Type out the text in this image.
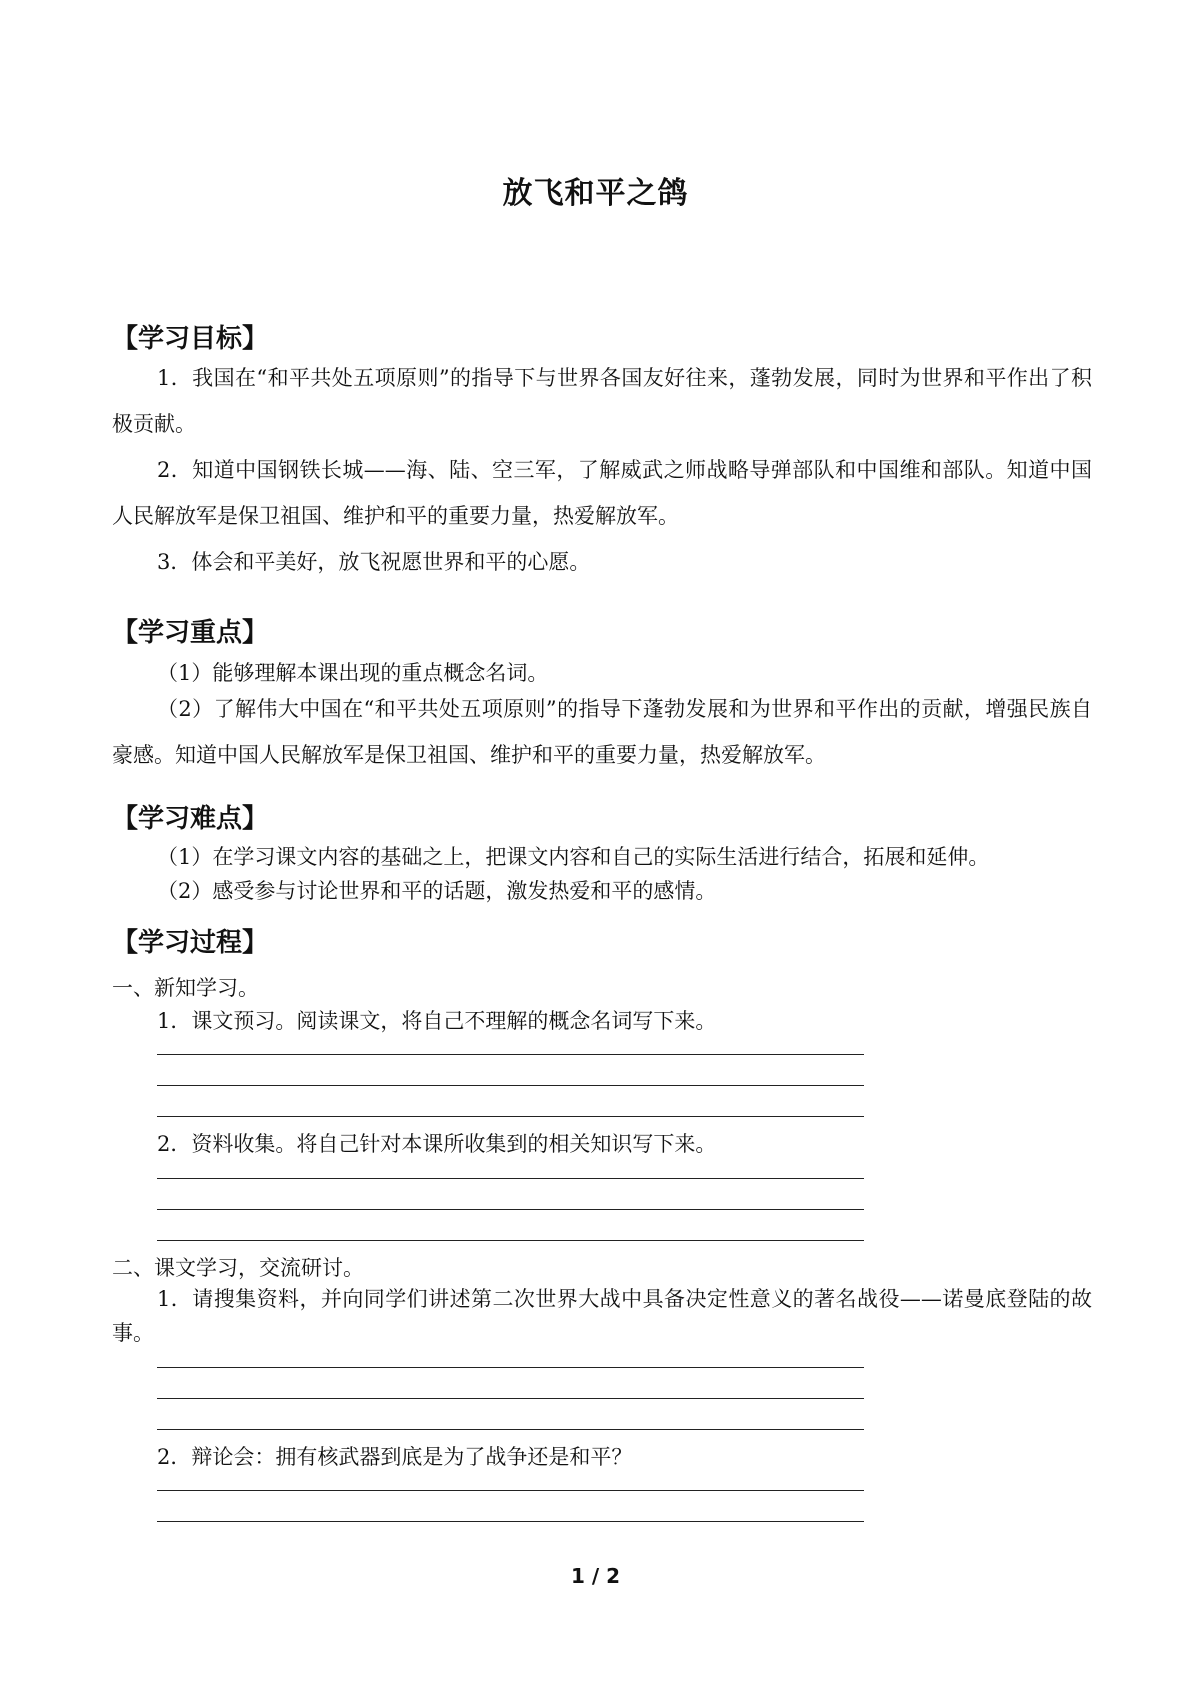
放飞和平之鸽
【学习目标】
1．我国在“和平共处五项原则”的指导下与世界各国友好往来，蓬勃发展，同时为世界和平作出了积极贡献。
2．知道中国钢铁长城——海、陆、空三军，了解威武之师战略导弹部队和中国维和部队。知道中国人民解放军是保卫祖国、维护和平的重要力量，热爱解放军。
3．体会和平美好，放飞祝愿世界和平的心愿。
【学习重点】
（1）能够理解本课出现的重点概念名词。
（2）了解伟大中国在“和平共处五项原则”的指导下蓬勃发展和为世界和平作出的贡献，增强民族自豪感。知道中国人民解放军是保卫祖国、维护和平的重要力量，热爱解放军。
【学习难点】
（1）在学习课文内容的基础之上，把课文内容和自己的实际生活进行结合，拓展和延伸。
（2）感受参与讨论世界和平的话题，激发热爱和平的感情。
【学习过程】
一、新知学习。
1．课文预习。阅读课文，将自己不理解的概念名词写下来。
2．资料收集。将自己针对本课所收集到的相关知识写下来。
二、课文学习，交流研讨。
1．请搜集资料，并向同学们讲述第二次世界大战中具备决定性意义的著名战役——诺曼底登陆的故事。
2．辩论会：拥有核武器到底是为了战争还是和平？
1 / 2
